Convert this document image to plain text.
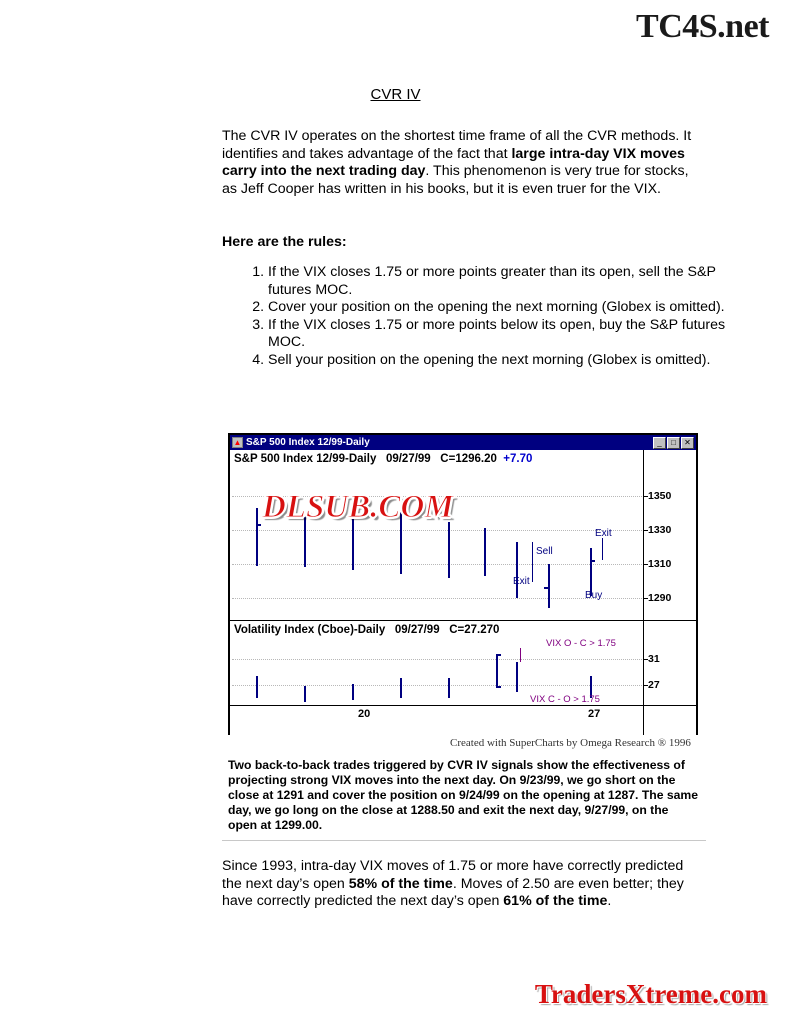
TC4S.net
CVR IV
The CVR IV operates on the shortest time frame of all the CVR methods. It identifies and takes advantage of the fact that large intra-day VIX moves carry into the next trading day. This phenomenon is very true for stocks, as Jeff Cooper has written in his books, but it is even truer for the VIX.
Here are the rules:
1. If the VIX closes 1.75 or more points greater than its open, sell the S&P futures MOC.
2. Cover your position on the opening the next morning (Globex is omitted).
3. If the VIX closes 1.75 or more points below its open, buy the S&P futures MOC.
4. Sell your position on the opening the next morning (Globex is omitted).
▲ S&P 500 Index 12/99-Daily	_	□	✕
S&P 500 Index 12/99-Daily 09/27/99 C=1296.20 +7.70
Exit
Sell
Buy
Exit
1350
1330
1310
1290
Volatility Index (Cboe)-Daily 09/27/99 C=27.270
VIX O - C > 1.75
VIX C - O > 1.75
31
27
20	27
DLSUB.COM
Created with SuperCharts by Omega Research ® 1996
Two back-to-back trades triggered by CVR IV signals show the effectiveness of projecting strong VIX moves into the next day. On 9/23/99, we go short on the close at 1291 and cover the position on 9/24/99 on the opening at 1287. The same day, we go long on the close at 1288.50 and exit the next day, 9/27/99, on the open at 1299.00.
Since 1993, intra-day VIX moves of 1.75 or more have correctly predicted the next day’s open 58% of the time. Moves of 2.50 are even better; they have correctly predicted the next day’s open 61% of the time.
TradersXtreme.com
